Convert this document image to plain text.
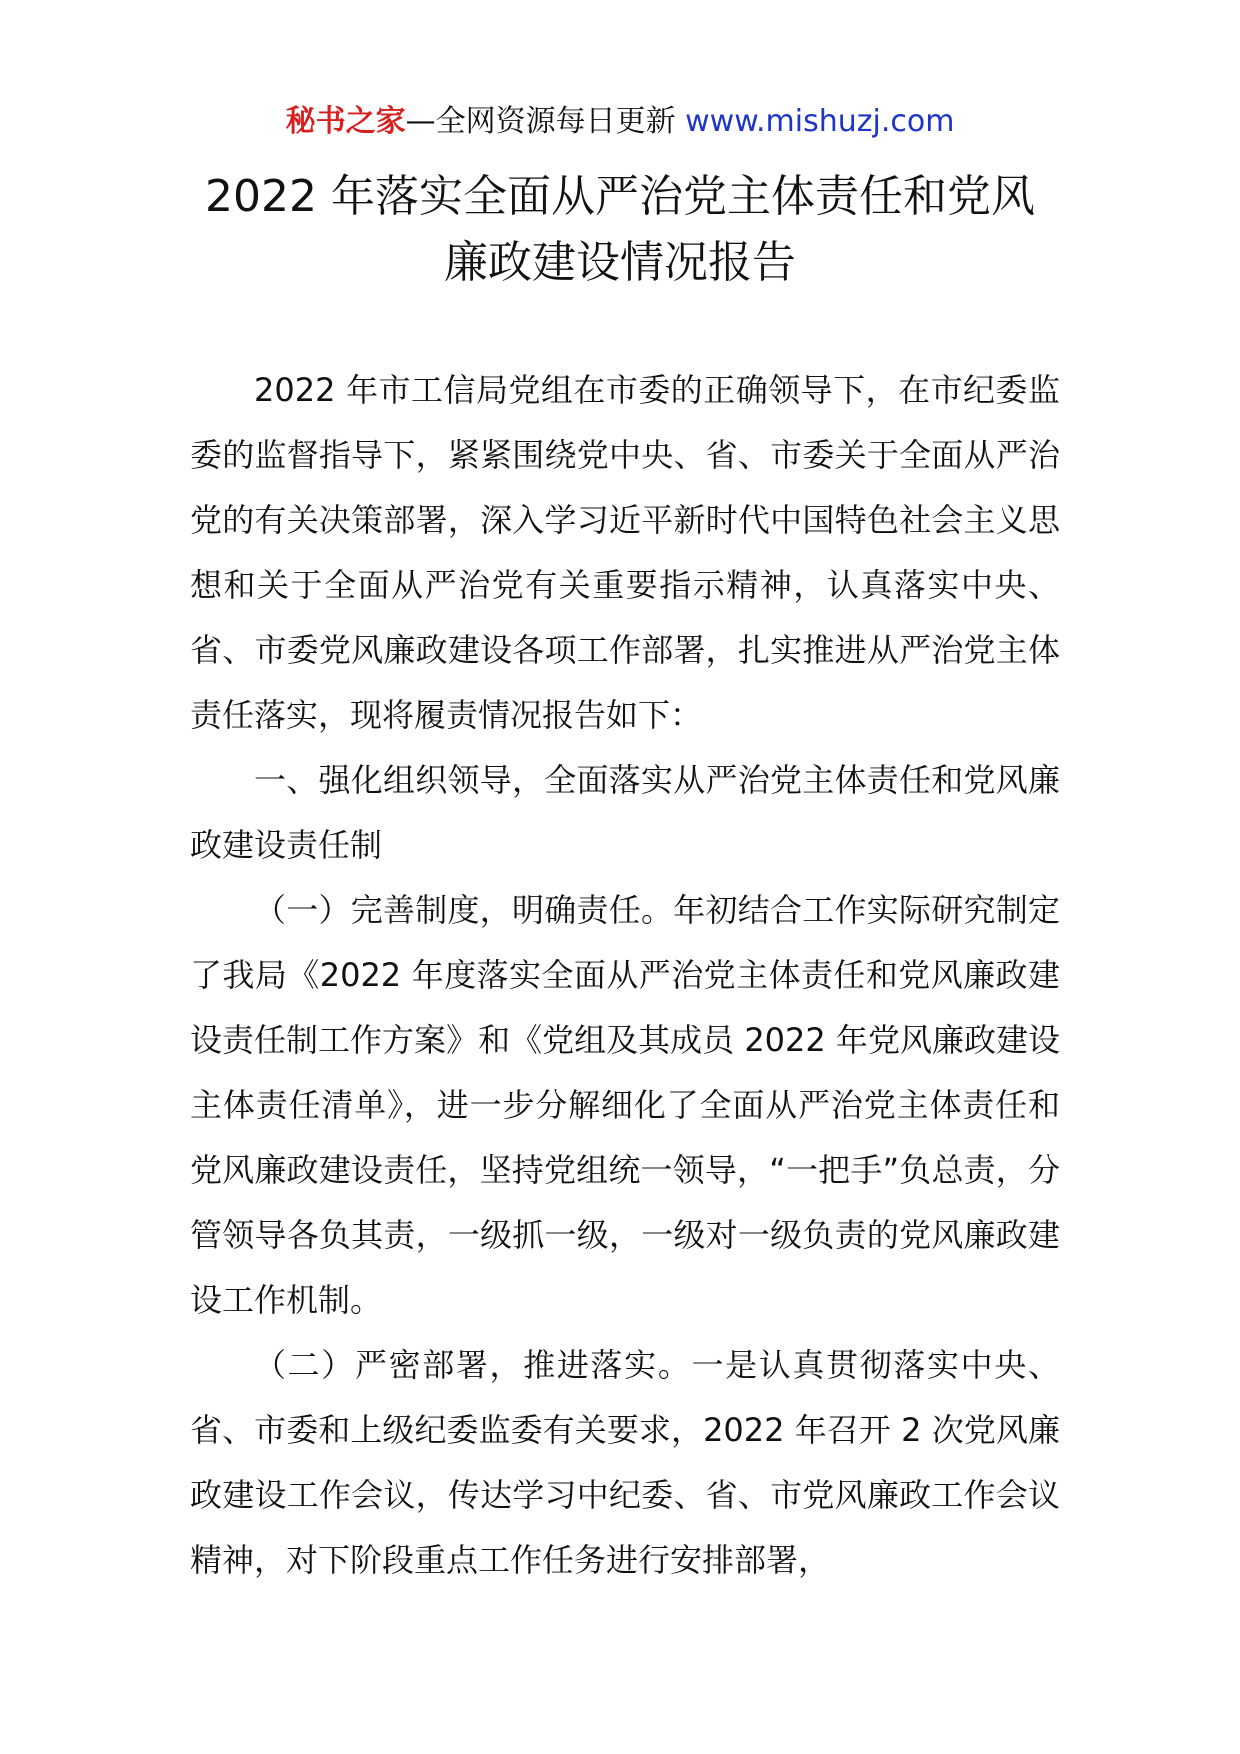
秘书之家—全网资源每日更新 www.mishuzj.com
2022 年落实全面从严治党主体责任和党风
廉政建设情况报告

2022 年市工信局党组在市委的正确领导下，在市纪委监委的监督指导下，紧紧围绕党中央、省、市委关于全面从严治党的有关决策部署，深入学习近平新时代中国特色社会主义思想和关于全面从严治党有关重要指示精神，认真落实中央、省、市委党风廉政建设各项工作部署，扎实推进从严治党主体责任落实，现将履责情况报告如下：

一、强化组织领导，全面落实从严治党主体责任和党风廉政建设责任制

（一）完善制度，明确责任。年初结合工作实际研究制定了我局《2022 年度落实全面从严治党主体责任和党风廉政建设责任制工作方案》和《党组及其成员 2022 年党风廉政建设主体责任清单》，进一步分解细化了全面从严治党主体责任和党风廉政建设责任，坚持党组统一领导，“一把手”负总责，分管领导各负其责，一级抓一级，一级对一级负责的党风廉政建设工作机制。

（二）严密部署，推进落实。一是认真贯彻落实中央、省、市委和上级纪委监委有关要求，2022 年召开 2 次党风廉政建设工作会议，传达学习中纪委、省、市党风廉政工作会议精神，对下阶段重点工作任务进行安排部署，
